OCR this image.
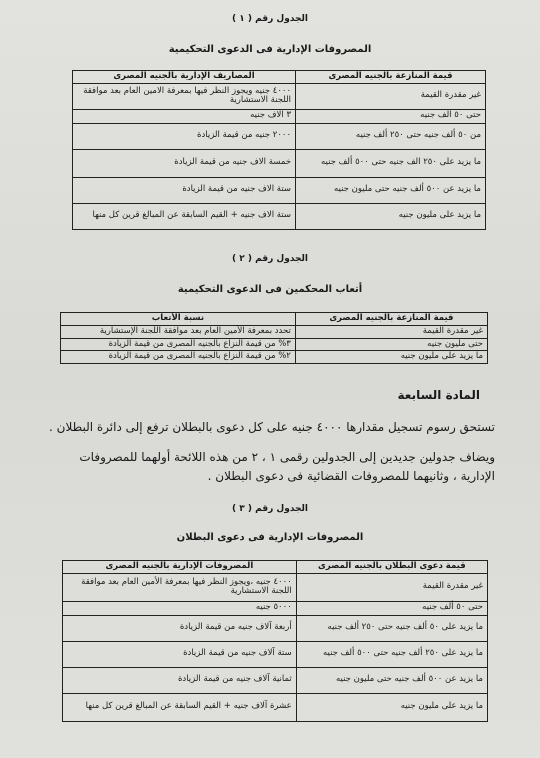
الجدول رقم ( ١ )
المصروفات الإدارية فى الدعوى التحكيمية
قيمة المنازعة بالجنيه المصرى	المصاريف الإدارية بالجنيه المصرى
غير مقدرة القيمة	٤٠٠٠ جنيه ويجوز النظر فيها بمعرفة الامين العام بعد موافقة اللجنة الاستشارية
حتى ٥٠ الف جنيه	٣ الاف جنيه
من ٥٠ ألف جنيه حتى ٢٥٠ ألف جنيه	٢٠٠٠ جنيه من قيمة الزيادة
ما يزيد على ٢٥٠ الف جنيه حتى ٥٠٠ ألف جنيه	خمسة الاف جنيه من قيمة الزيادة
ما يزيد عن ٥٠٠ ألف جنيه حتى مليون جنيه	ستة الاف جنيه من قيمة الزيادة
ما يزيد على مليون جنيه	ستة الاف جنيه + القيم السابقة عن المبالغ قرين كل منها
الجدول رقم ( ٢ )
أتعاب المحكمين فى الدعوى التحكيمية
قيمة المنازعة بالجنيه المصرى	نسبة الأتعاب
غير مقدرة القيمة	تحدد بمعرفة الأمين العام بعد موافقة اللجنة الإستشارية
حتى مليون جنيه	٣% من قيمة النزاع بالجنيه المصرى من قيمة الزيادة
ما يزيد على مليون جنيه	٢% من قيمة النزاع بالجنيه المصرى من قيمة الزيادة
المادة السابعة
تستحق رسوم تسجيل مقدارها ٤٠٠٠ جنيه على كل دعوى بالبطلان ترفع إلى دائرة البطلان .
ويضاف جدولين جديدين إلى الجدولين رقمى ١ ، ٢ من هذه اللائحة أولهما للمصروفات الإدارية ، وثانيهما للمصروفات القضائية فى دعوى البطلان .
الجدول رقم ( ٣ )
المصروفات الإدارية فى دعوى البطلان
قيمة دعوى البطلان بالجنيه المصرى	المصروفات الإدارية بالجنيه المصرى
غير مقدرة القيمة	٤٠٠٠ جنيه ،ويجوز النظر فيها بمعرفة الأمين العام بعد موافقة اللجنة الاستشارية
حتى ٥٠ ألف جنيه	٥٠٠٠ جنيه
ما يزيد على ٥٠ ألف جنيه حتى ٢٥٠ ألف جنيه	أربعة آلاف جنيه من قيمة الزيادة
ما يزيد على ٢٥٠ ألف جنيه حتى ٥٠٠ ألف جنيه	ستة آلاف جنيه من قيمة الزيادة
ما يزيد عن ٥٠٠ ألف جنيه حتى مليون جنيه	ثمانية آلاف جنيه من قيمة الزيادة
ما يزيد على مليون جنيه	عشرة آلاف جنيه + القيم السابقة عن المبالغ قرين كل منها
